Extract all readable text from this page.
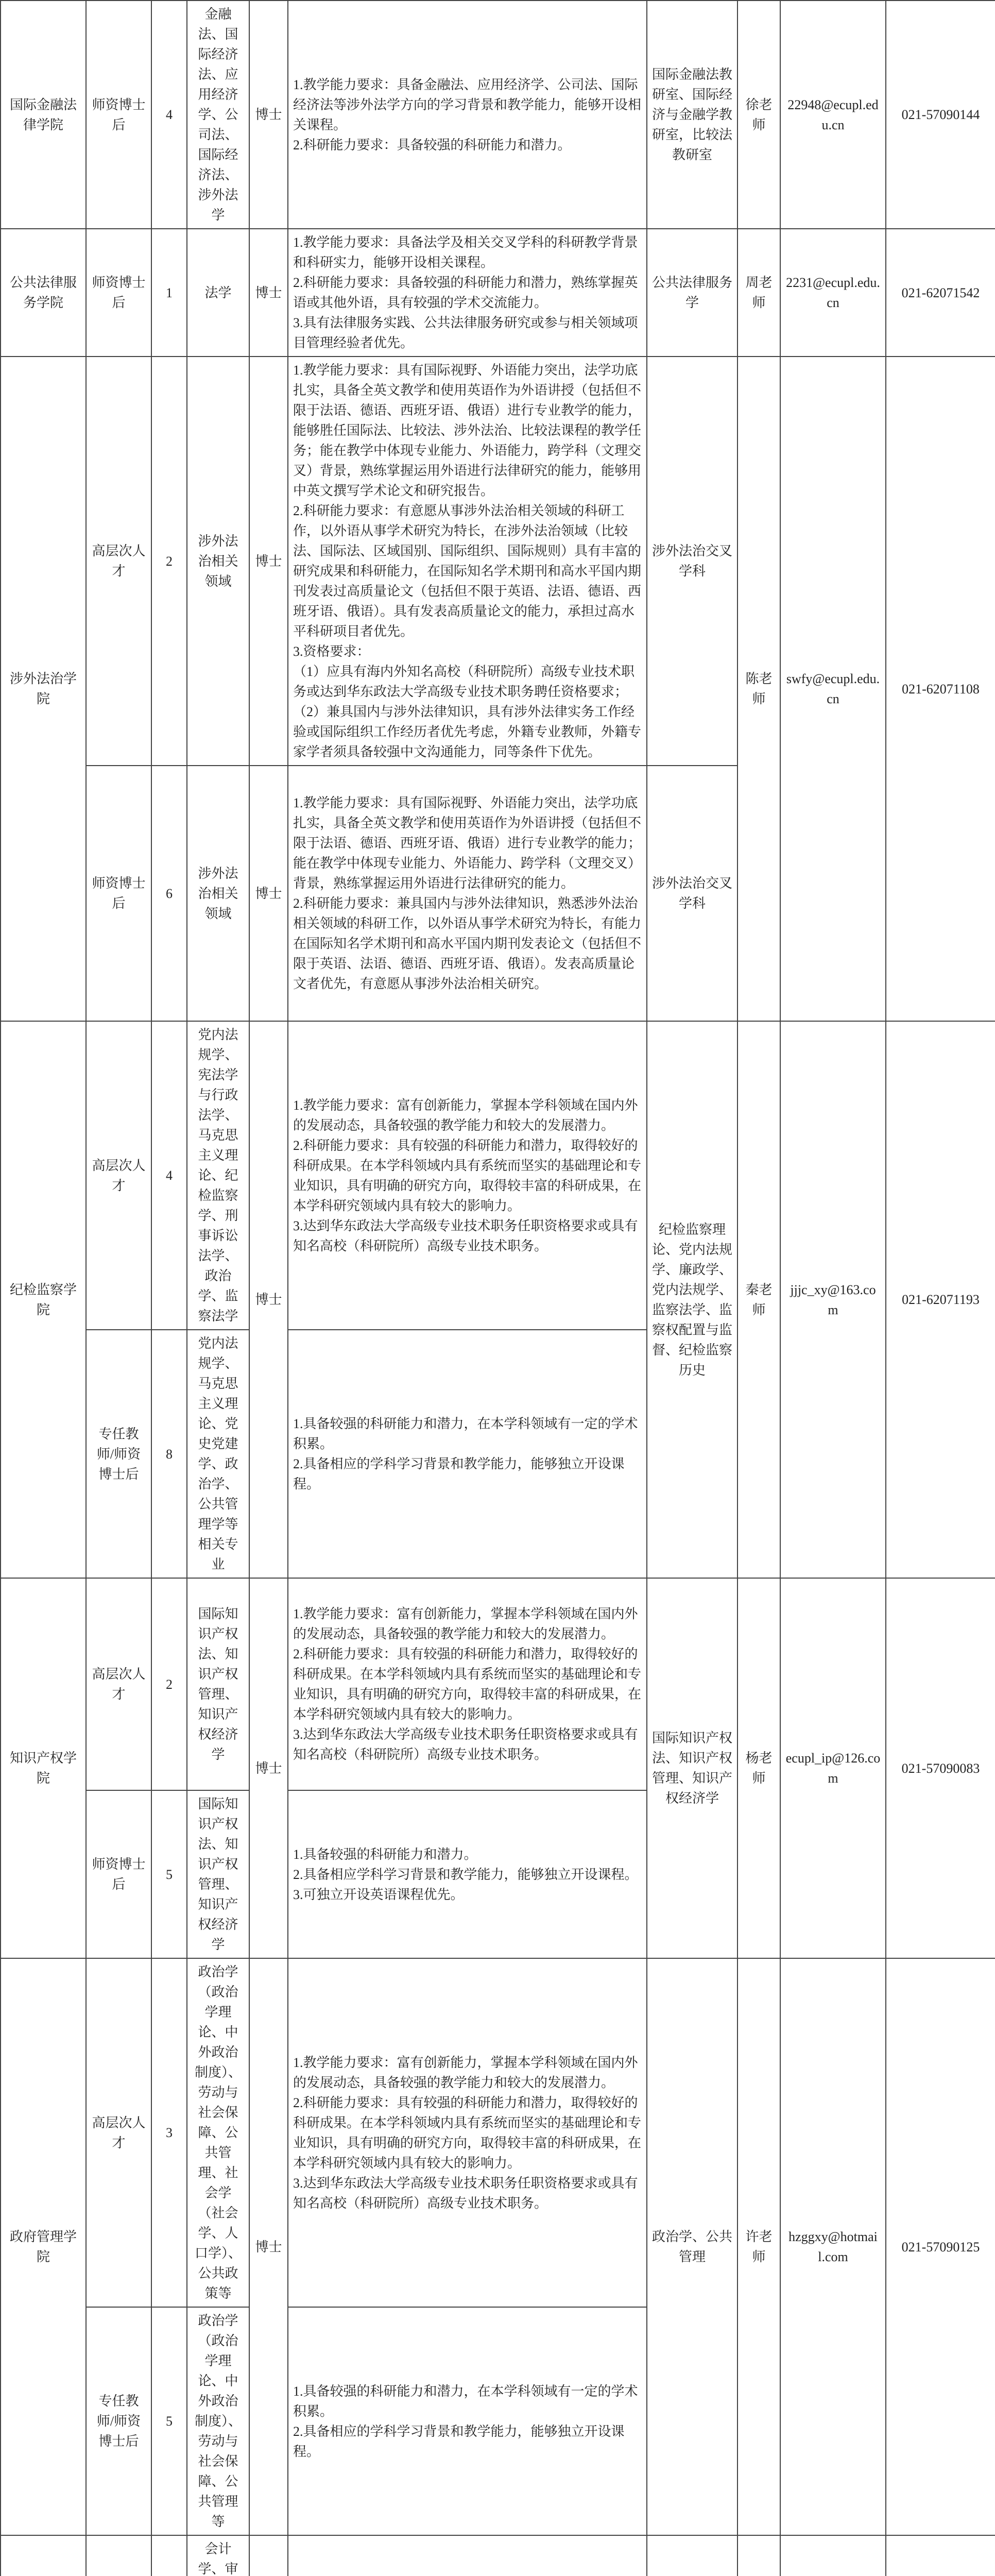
国际金融法律学院	师资博士后	4	金融法、国际经济法、应用经济学、公司法、国际经济法、涉外法学	博士	1.教学能力要求：具备金融法、应用经济学、公司法、国际经济法等涉外法学方向的学习背景和教学能力，能够开设相关课程。
2.科研能力要求：具备较强的科研能力和潜力。	国际金融法教研室、国际经济与金融学教研室，比较法教研室	徐老师	22948@ecupl.edu.cn	021-57090144
公共法律服务学院	师资博士后	1	法学	博士	1.教学能力要求：具备法学及相关交叉学科的科研教学背景和科研实力，能够开设相关课程。
2.科研能力要求：具备较强的科研能力和潜力，熟练掌握英语或其他外语，具有较强的学术交流能力。
3.具有法律服务实践、公共法律服务研究或参与相关领域项目管理经验者优先。	公共法律服务学	周老师	2231@ecupl.edu.cn	021-62071542
涉外法治学院	高层次人才	2	涉外法治相关领域	博士	1.教学能力要求：具有国际视野、外语能力突出，法学功底扎实，具备全英文教学和使用英语作为外语讲授（包括但不限于法语、德语、西班牙语、俄语）进行专业教学的能力，能够胜任国际法、比较法、涉外法治、比较法课程的教学任务；能在教学中体现专业能力、外语能力，跨学科（文理交叉）背景，熟练掌握运用外语进行法律研究的能力，能够用中英文撰写学术论文和研究报告。
2.科研能力要求：有意愿从事涉外法治相关领域的科研工作，以外语从事学术研究为特长，在涉外法治领域（比较法、国际法、区域国别、国际组织、国际规则）具有丰富的研究成果和科研能力，在国际知名学术期刊和高水平国内期刊发表过高质量论文（包括但不限于英语、法语、德语、西班牙语、俄语）。具有发表高质量论文的能力，承担过高水平科研项目者优先。
3.资格要求：
（1）应具有海内外知名高校（科研院所）高级专业技术职务或达到华东政法大学高级专业技术职务聘任资格要求；
（2）兼具国内与涉外法律知识，具有涉外法律实务工作经验或国际组织工作经历者优先考虑，外籍专业教师，外籍专家学者须具备较强中文沟通能力，同等条件下优先。	涉外法治交叉学科	陈老师	swfy@ecupl.edu.cn	021-62071108
	师资博士后	6	涉外法治相关领域	博士	1.教学能力要求：具有国际视野、外语能力突出，法学功底扎实，具备全英文教学和使用英语作为外语讲授（包括但不限于法语、德语、西班牙语、俄语）进行专业教学的能力；能在教学中体现专业能力、外语能力、跨学科（文理交叉）背景，熟练掌握运用外语进行法律研究的能力。
2.科研能力要求：兼具国内与涉外法律知识，熟悉涉外法治相关领域的科研工作，以外语从事学术研究为特长，有能力在国际知名学术期刊和高水平国内期刊发表论文（包括但不限于英语、法语、德语、西班牙语、俄语）。发表高质量论文者优先，有意愿从事涉外法治相关研究。	涉外法治交叉学科			
纪检监察学院	高层次人才	4	党内法规学、宪法学与行政法学、马克思主义理论、纪检监察学、刑事诉讼法学、政治学、监察法学	博士	1.教学能力要求：富有创新能力，掌握本学科领域在国内外的发展动态，具备较强的教学能力和较大的发展潜力。
2.科研能力要求：具有较强的科研能力和潜力，取得较好的科研成果。在本学科领域内具有系统而坚实的基础理论和专业知识，具有明确的研究方向，取得较丰富的科研成果，在本学科研究领域内具有较大的影响力。
3.达到华东政法大学高级专业技术职务任职资格要求或具有知名高校（科研院所）高级专业技术职务。	纪检监察理论、党内法规学、廉政学、党内法规学、监察法学、监察权配置与监督、纪检监察历史	秦老师	jjjc_xy@163.com	021-62071193
	专任教师/师资博士后	8	党内法规学、马克思主义理论、党史党建学、政治学、公共管理学等相关专业		1.具备较强的科研能力和潜力，在本学科领域有一定的学术积累。
2.具备相应的学科学习背景和教学能力，能够独立开设课程。				

知识产权学院	高层次人才	2	国际知识产权法、知识产权管理、知识产权经济学	博士	1.教学能力要求：富有创新能力，掌握本学科领域在国内外的发展动态，具备较强的教学能力和较大的发展潜力。
2.科研能力要求：具有较强的科研能力和潜力，取得较好的科研成果。在本学科领域内具有系统而坚实的基础理论和专业知识，具有明确的研究方向，取得较丰富的科研成果，在本学科研究领域内具有较大的影响力。
3.达到华东政法大学高级专业技术职务任职资格要求或具有知名高校（科研院所）高级专业技术职务。	国际知识产权法、知识产权管理、知识产权经济学	杨老师	ecupl_ip@126.com	021-57090083
	师资博士后	5	国际知识产权法、知识产权管理、知识产权经济学		1.具备较强的科研能力和潜力。
2.具备相应学科学习背景和教学能力，能够独立开设课程。
3.可独立开设英语课程优先。				

政府管理学院	高层次人才	3	政治学（政治学理论、中外政治制度）、劳动与社会保障、公共管理、社会学（社会学、人口学）、公共政策等	博士	1.教学能力要求：富有创新能力，掌握本学科领域在国内外的发展动态，具备较强的教学能力和较大的发展潜力。
2.科研能力要求：具有较强的科研能力和潜力，取得较好的科研成果。在本学科领域内具有系统而坚实的基础理论和专业知识，具有明确的研究方向，取得较丰富的科研成果，在本学科研究领域内具有较大的影响力。
3.达到华东政法大学高级专业技术职务任职资格要求或具有知名高校（科研院所）高级专业技术职务。	政治学、公共管理	许老师	hzggxy@hotmail.com	021-57090125
	专任教师/师资博士后	5	政治学（政治学理论、中外政治制度）、劳动与社会保障、公共管理等		1.具备较强的科研能力和潜力，在本学科领域有一定的学术积累。
2.具备相应的学科学习背景和教学能力，能够独立开设课程。				

			会计学、审		
